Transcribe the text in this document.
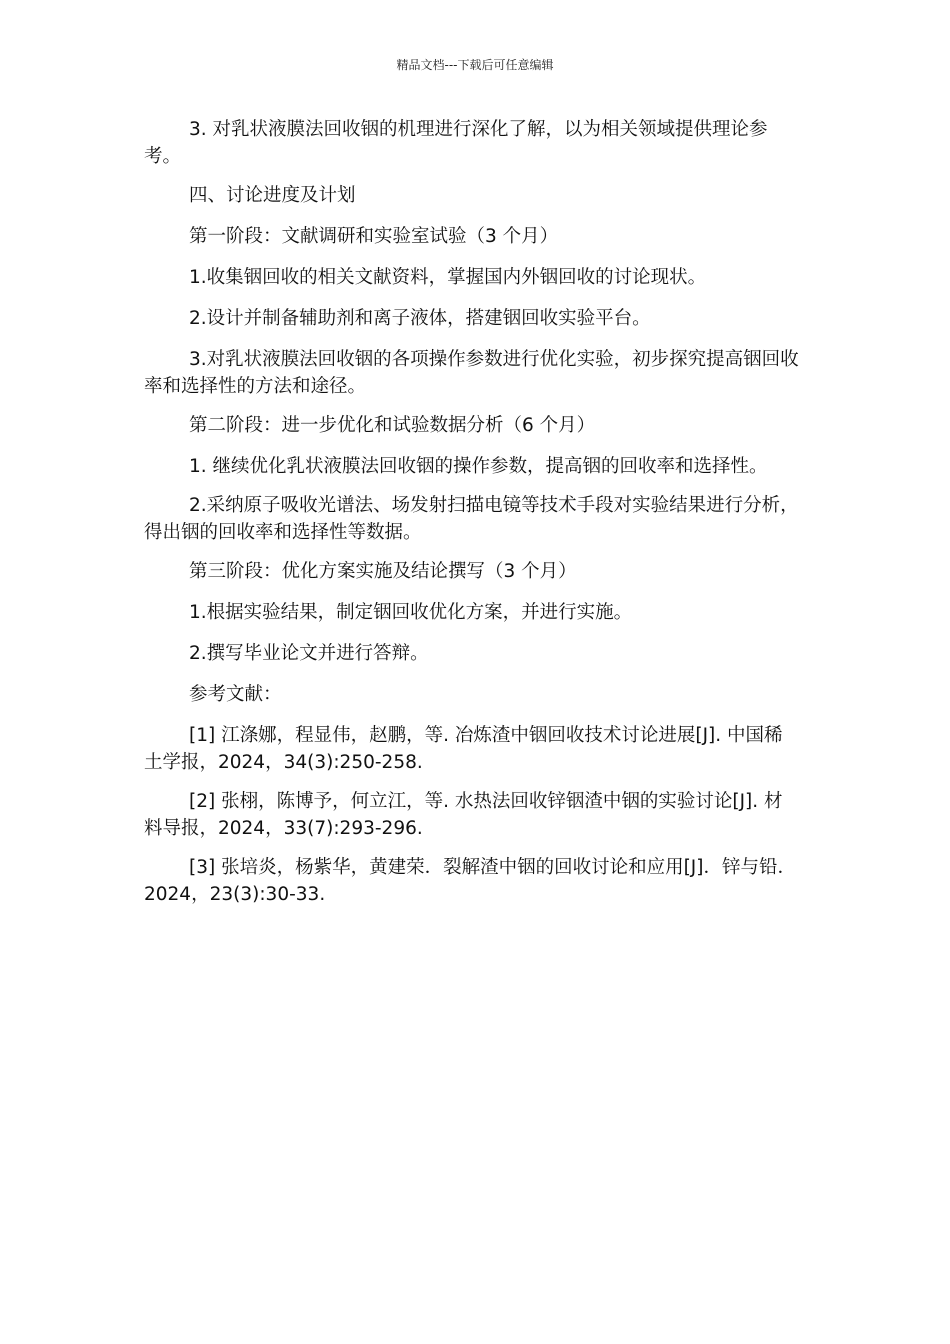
精品文档---下载后可任意编辑

3. 对乳状液膜法回收铟的机理进行深化了解，以为相关领域提供理论参考。

四、讨论进度及计划

第一阶段：文献调研和实验室试验（3 个月）

1.收集铟回收的相关文献资料，掌握国内外铟回收的讨论现状。

2.设计并制备辅助剂和离子液体，搭建铟回收实验平台。

3.对乳状液膜法回收铟的各项操作参数进行优化实验，初步探究提高铟回收率和选择性的方法和途径。

第二阶段：进一步优化和试验数据分析（6 个月）

1. 继续优化乳状液膜法回收铟的操作参数，提高铟的回收率和选择性。

2.采纳原子吸收光谱法、场发射扫描电镜等技术手段对实验结果进行分析，得出铟的回收率和选择性等数据。

第三阶段：优化方案实施及结论撰写（3 个月）

1.根据实验结果，制定铟回收优化方案，并进行实施。

2.撰写毕业论文并进行答辩。

参考文献：

[1] 江涤娜，程显伟，赵鹏，等. 冶炼渣中铟回收技术讨论进展[J]. 中国稀土学报，2024，34(3):250-258.

[2] 张栩，陈博予，何立江，等. 水热法回收锌铟渣中铟的实验讨论[J]. 材料导报，2024，33(7):293-296.

[3] 张培炎，杨紫华，黄建荣．裂解渣中铟的回收讨论和应用[J]．锌与铅．2024，23(3):30-33.
